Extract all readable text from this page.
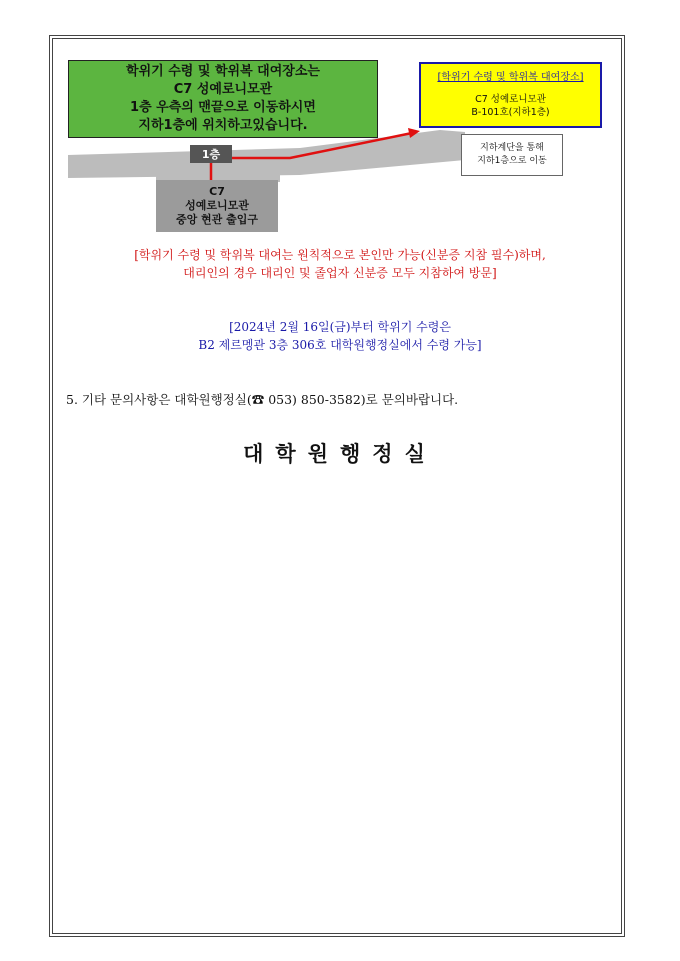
학위기 수령 및 학위복 대여장소는
C7 성예로니모관
1층 우측의 맨끝으로 이동하시면
지하1층에 위치하고있습니다.
[학위기 수령 및 학위복 대여장소]
C7 성예로니모관
B-101호(지하1층)
1층
C7
성예로니모관
중앙 현관 출입구
지하계단을 통해
지하1층으로 이동
[학위기 수령 및 학위복 대여는 원칙적으로 본인만 가능(신분증 지참 필수)하며,
대리인의 경우 대리인 및 졸업자 신분증 모두 지참하여 방문]
[2024년 2월 16일(금)부터 학위기 수령은
B2 제르멩관 3층 306호 대학원행정실에서 수령 가능]
5. 기타 문의사항은 대학원행정실(☎ 053) 850-3582)로 문의바랍니다.
대학원행정실
